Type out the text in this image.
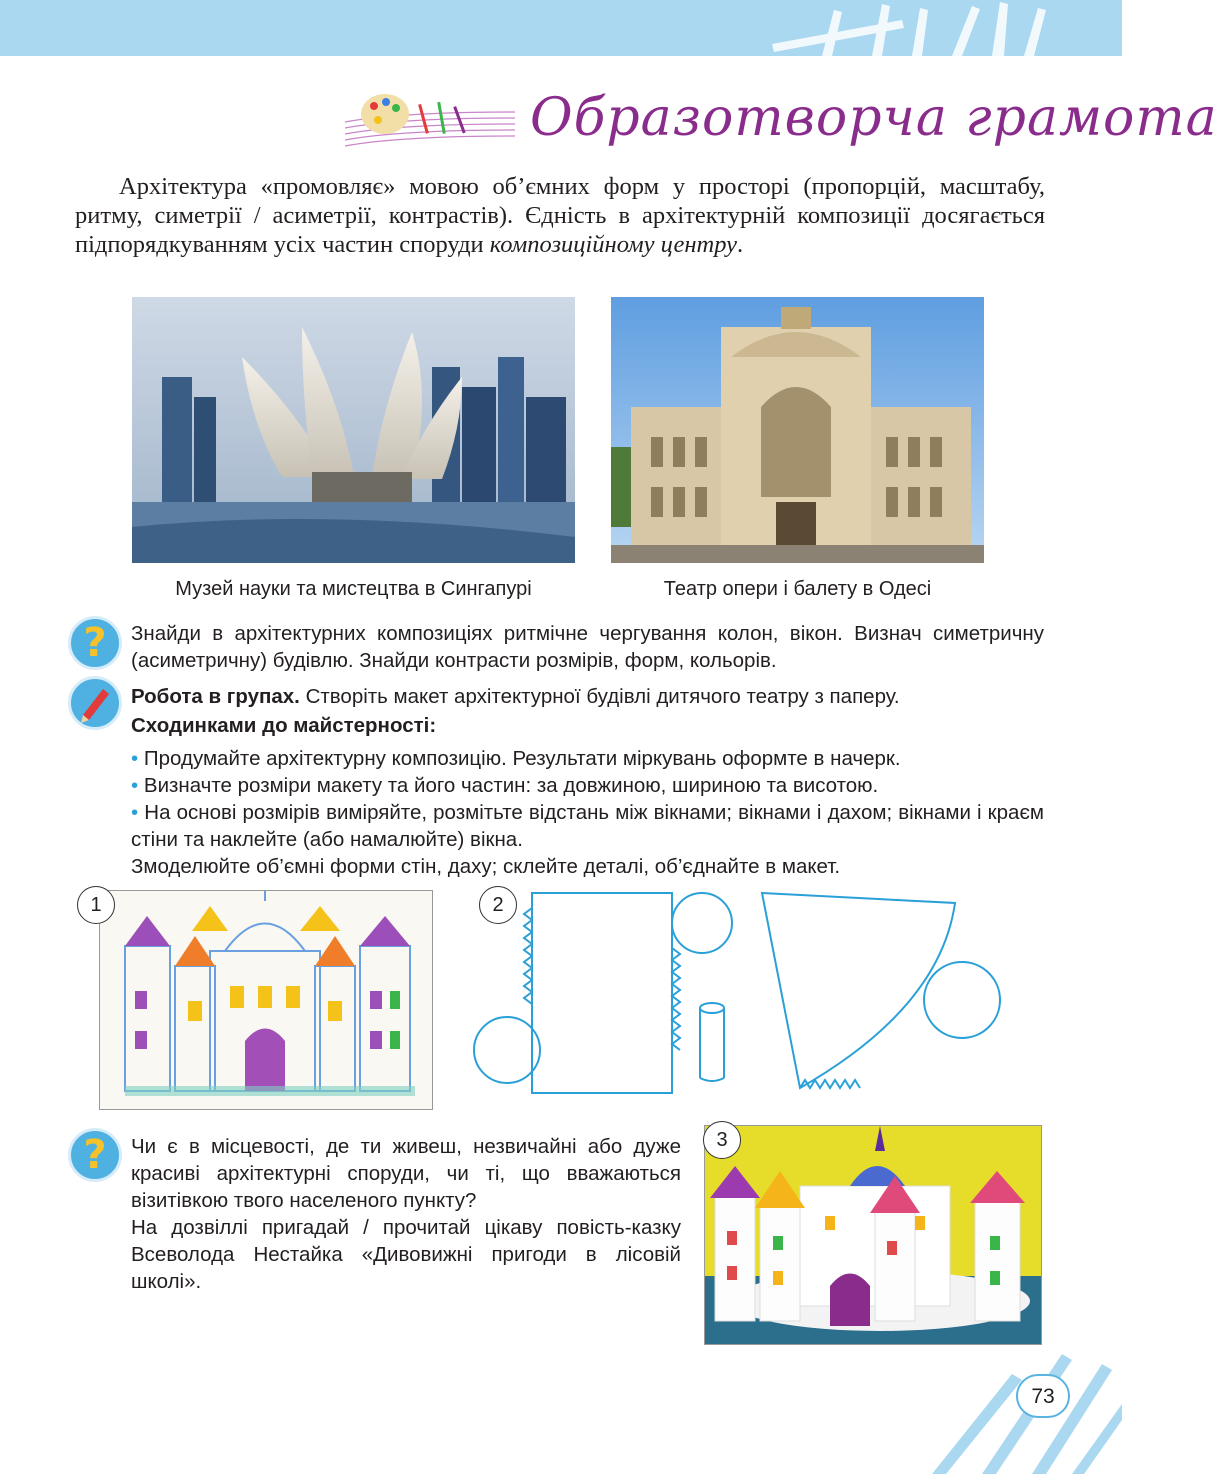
Образотворча грамота

Архітектура «промовляє» мовою об’ємних форм у просторі (пропорцій, масштабу, ритму, симетрії / асиметрії, контрастів). Єдність в архітектурній композиції досягається підпорядкуванням усіх частин споруди композиційному центру.

Музей науки та мистецтва в Сингапурі	Театр опери і балету в Одесі
?	Знайди в архітектурних композиціях ритмічне чергування колон, вікон. Визнач симетричну (асиметричну) будівлю. Знайди контрасти розмірів, форм, кольорів.

Робота в групах. Створіть макет архітектурної будівлі дитячого театру з паперу.

Сходинками до майстерності:

• Продумайте архітектурну композицію. Результати міркувань оформте в начерк.

• Визначте розміри макету та його частин: за довжиною, шириною та висотою.

• На основі розмірів виміряйте, розмітьте відстань між вікнами; вікнами і дахом; вікнами і краєм стіни та наклейте (або намалюйте) вікна.

Змоделюйте об’ємні форми стін, даху; склейте деталі, об’єднайте в макет.

1	2
?	Чи є в місцевості, де ти живеш, незвичайні або дуже красиві архітектурні споруди, чи ті, що вважаються візитівкою твого населеного пункту?

На дозвіллі пригадай / прочитай цікаву повість-казку Всеволода Нестайка «Дивовижні пригоди в лісовій школі».

3
73
